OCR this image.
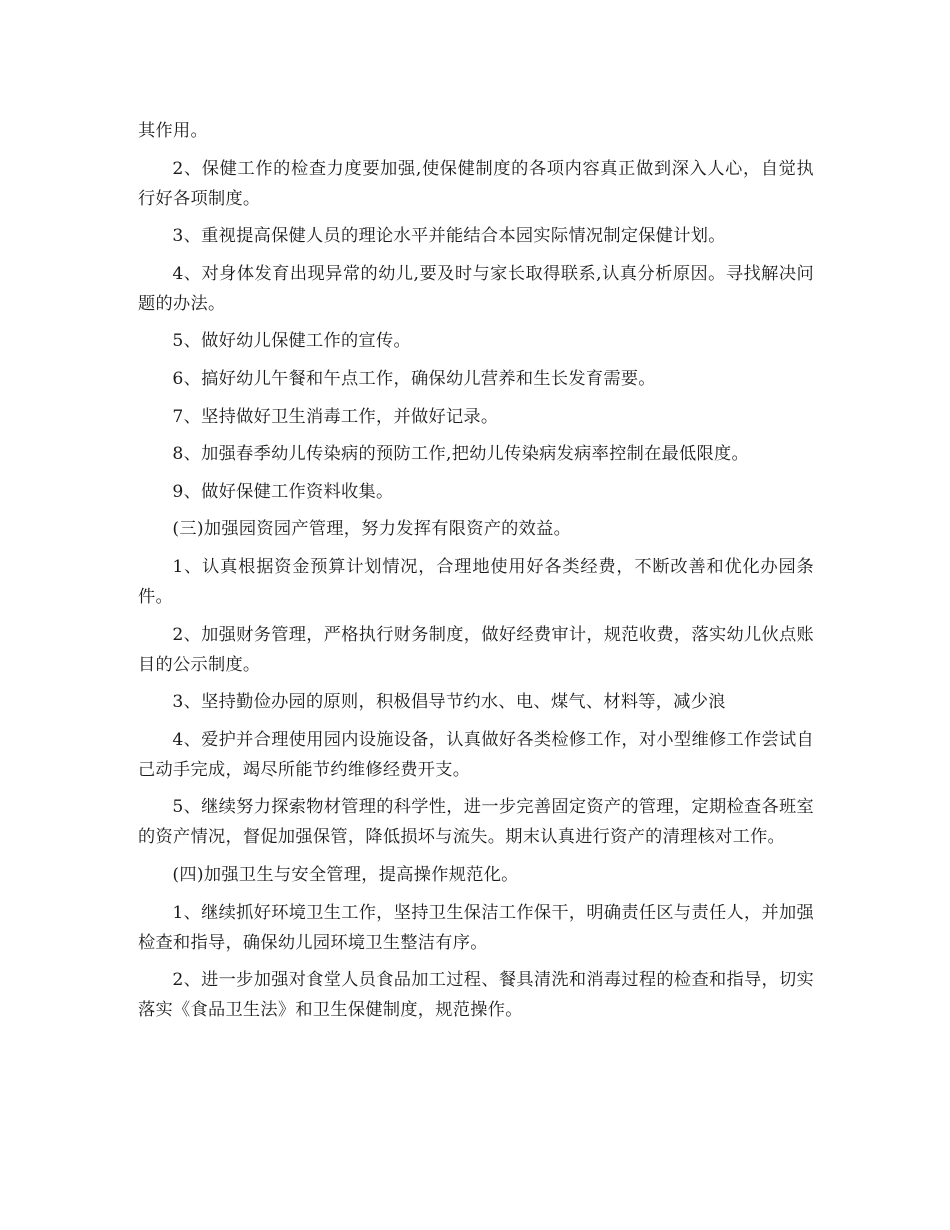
其作用。

2、保健工作的检查力度要加强,使保健制度的各项内容真正做到深入人心，自觉执行好各项制度。

3、重视提高保健人员的理论水平并能结合本园实际情况制定保健计划。

4、对身体发育出现异常的幼儿,要及时与家长取得联系,认真分析原因。寻找解决问题的办法。

5、做好幼儿保健工作的宣传。

6、搞好幼儿午餐和午点工作，确保幼儿营养和生长发育需要。

7、坚持做好卫生消毒工作，并做好记录。

8、加强春季幼儿传染病的预防工作,把幼儿传染病发病率控制在最低限度。

9、做好保健工作资料收集。

(三)加强园资园产管理，努力发挥有限资产的效益。

1、认真根据资金预算计划情况，合理地使用好各类经费，不断改善和优化办园条件。

2、加强财务管理，严格执行财务制度，做好经费审计，规范收费，落实幼儿伙点账目的公示制度。

3、坚持勤俭办园的原则，积极倡导节约水、电、煤气、材料等，减少浪

4、爱护并合理使用园内设施设备，认真做好各类检修工作，对小型维修工作尝试自己动手完成，竭尽所能节约维修经费开支。

5、继续努力探索物材管理的科学性，进一步完善固定资产的管理，定期检查各班室的资产情况，督促加强保管，降低损坏与流失。期末认真进行资产的清理核对工作。

(四)加强卫生与安全管理，提高操作规范化。

1、继续抓好环境卫生工作，坚持卫生保洁工作保干，明确责任区与责任人，并加强检查和指导，确保幼儿园环境卫生整洁有序。

2、进一步加强对食堂人员食品加工过程、餐具清洗和消毒过程的检查和指导，切实落实《食品卫生法》和卫生保健制度，规范操作。
